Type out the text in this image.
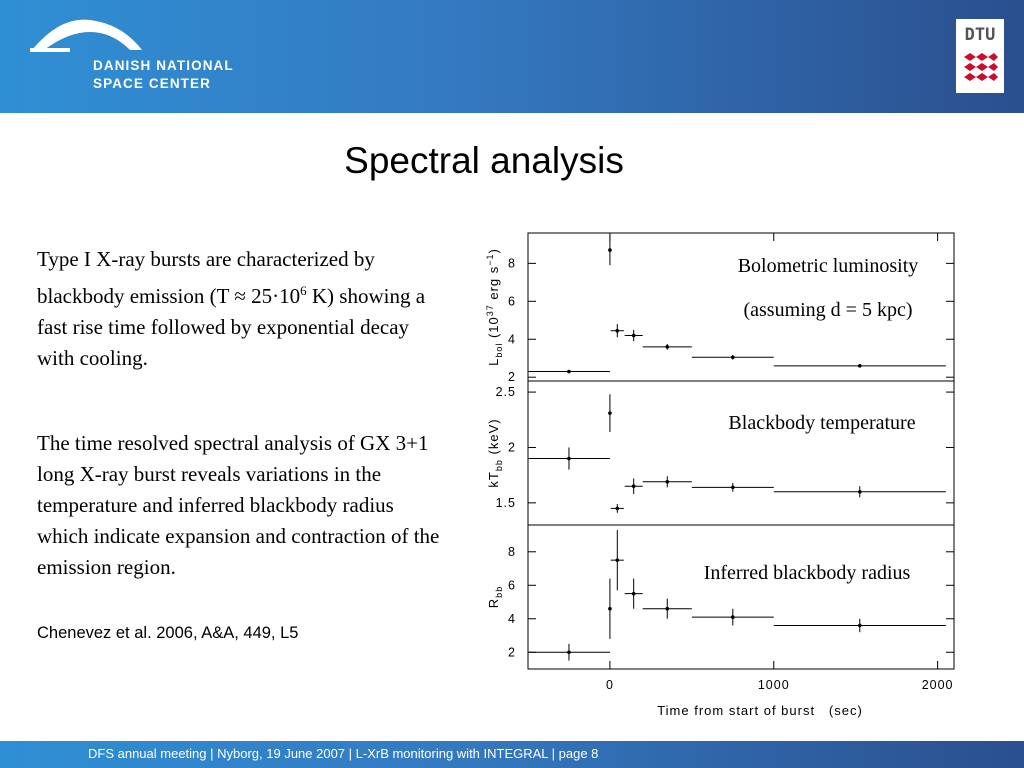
DANISH NATIONAL
SPACE CENTER
DTU
Spectral analysis
Type I X-ray bursts are characterized by blackbody emission ($T \approx 25\cdot 10^6$ K) showing a fast rise time followed by exponential decay with cooling.
The time resolved spectral analysis of GX 3+1 long X-ray burst reveals variations in the temperature and inferred blackbody radius which indicate expansion and contraction of the emission region.
Chenevez et al. 2006, A&A, 449, L5
Bolometric luminosity
(assuming d = 5 kpc)
$L_{bol}$ ($10^{37}$ erg $s^{-1}$)
2
4
6
8
Blackbody temperature
$kT_{bb}$ (keV)
1.5
2
2.5
Inferred blackbody radius
$R_{bb}$
2
4
6
8
0	1000	2000
Time from start of burst   (sec)
DFS annual meeting | Nyborg, 19 June 2007 | L-XrB monitoring with INTEGRAL | page 8
